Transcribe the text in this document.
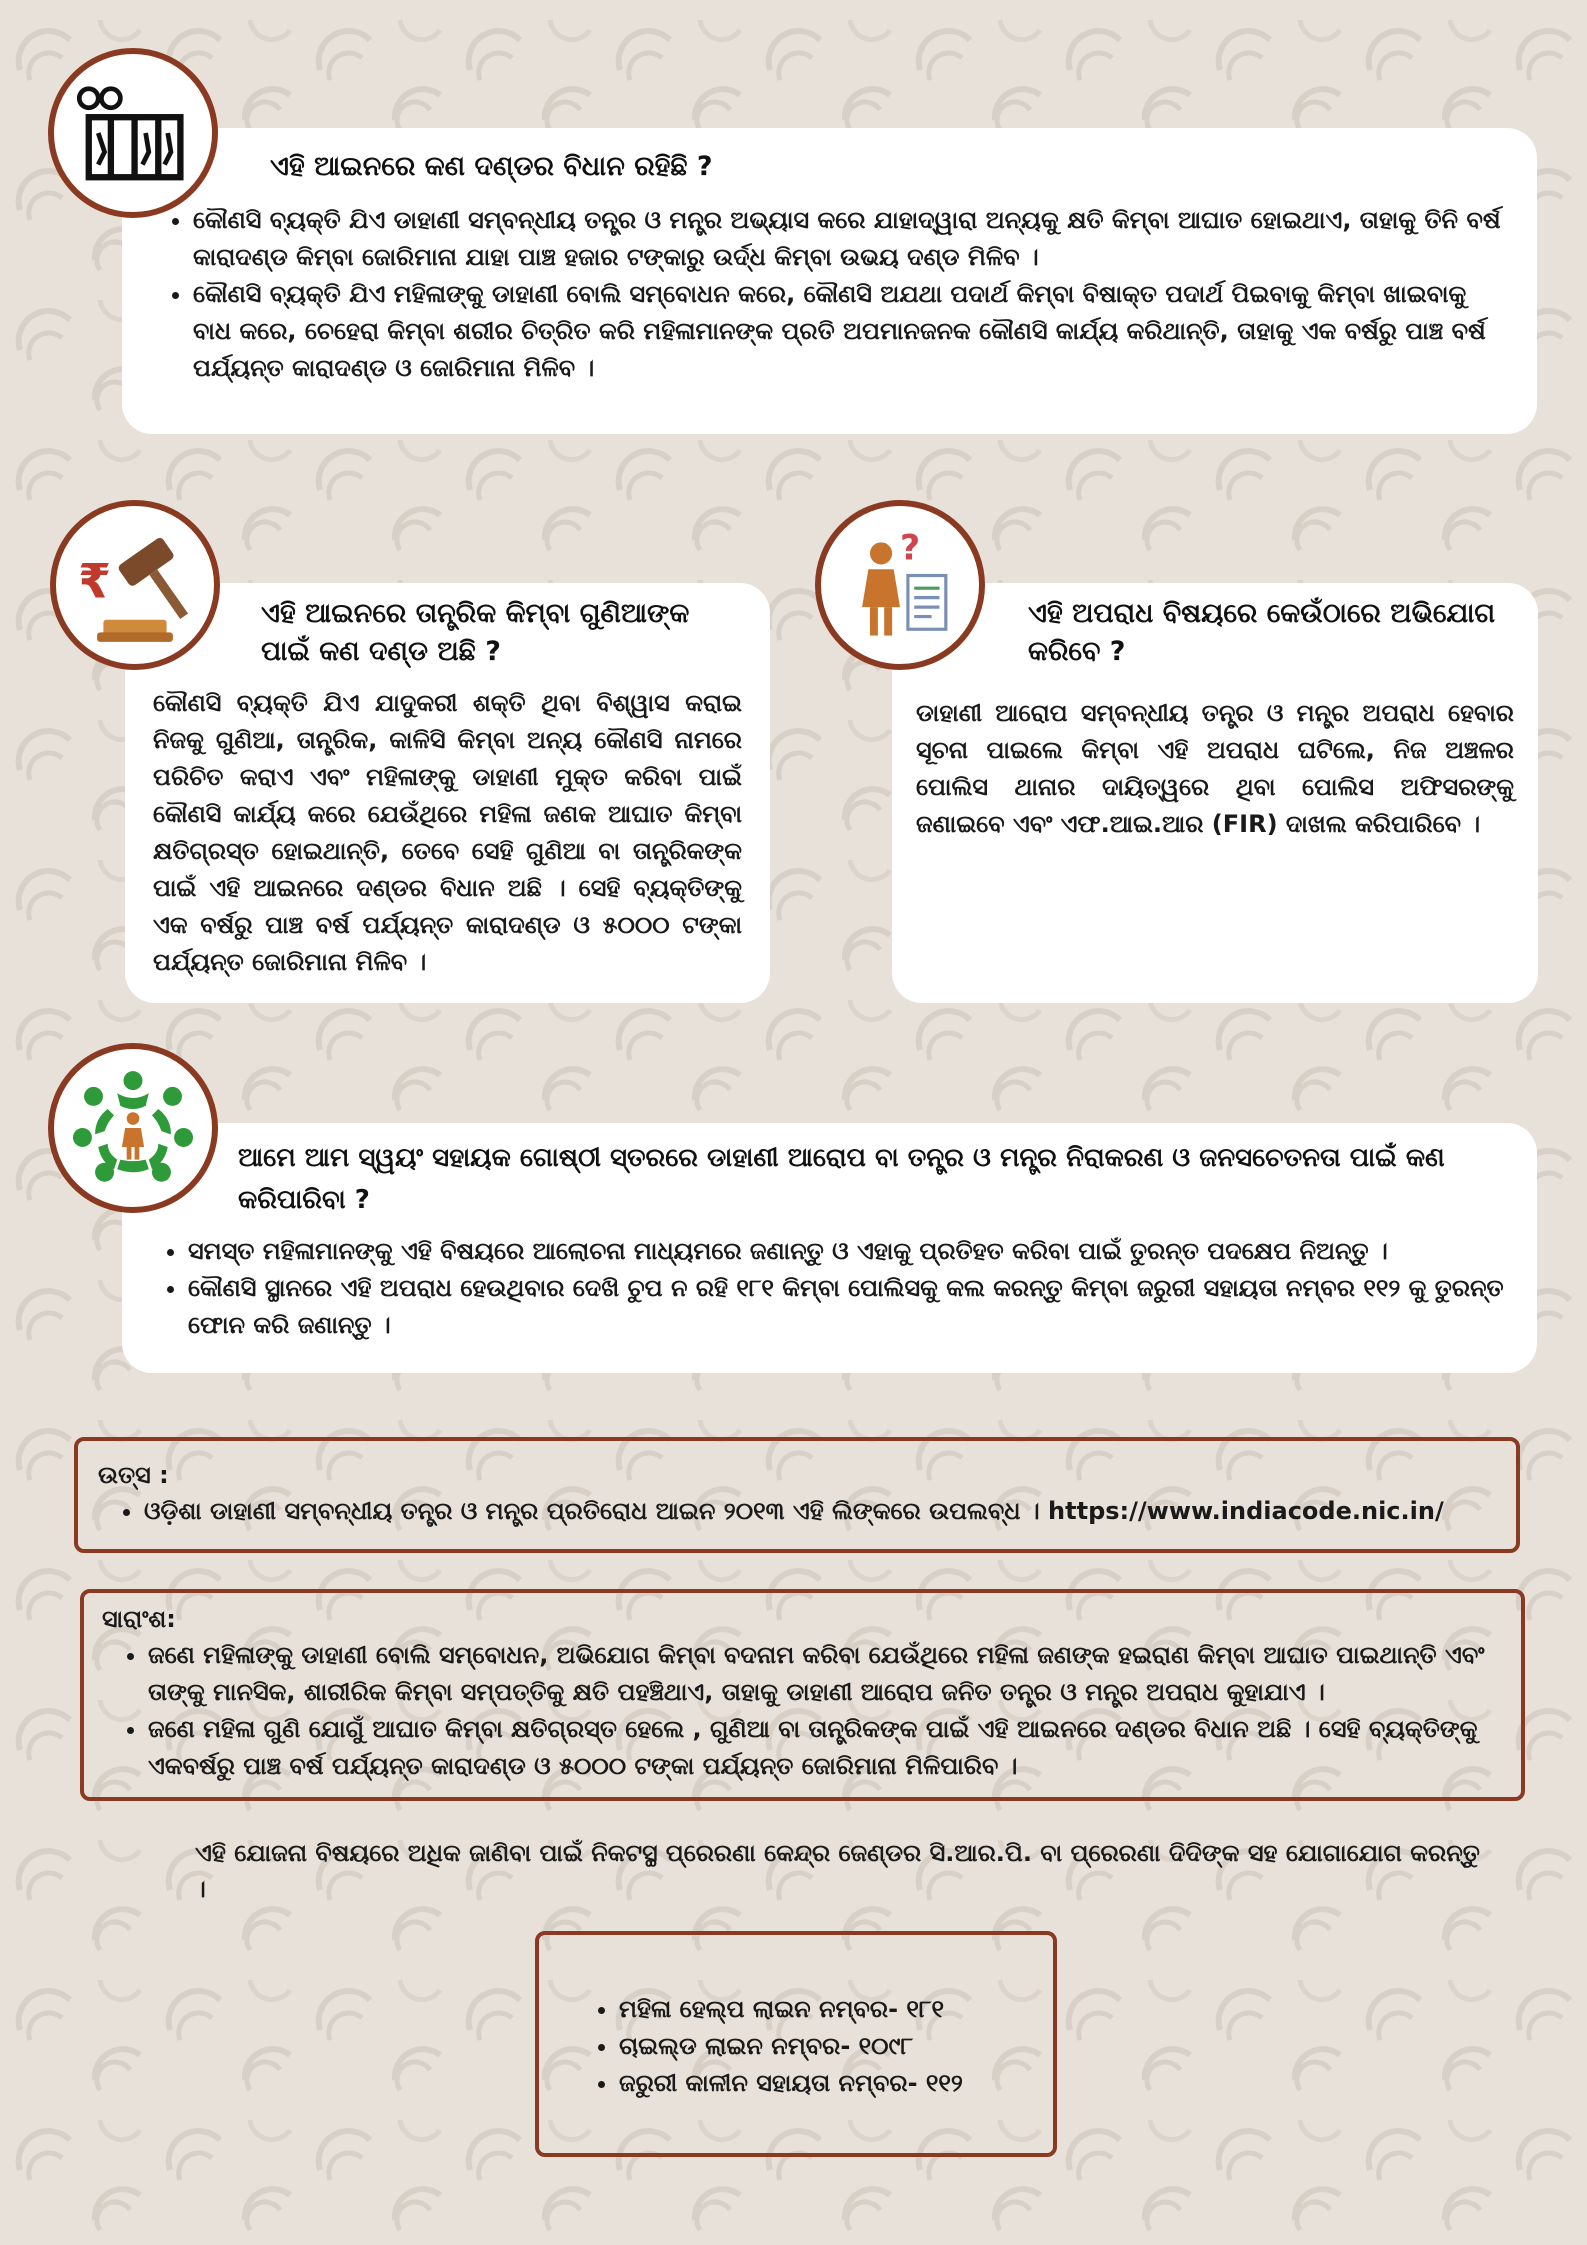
ଏହି ଆଇନରେ କଣ ଦଣ୍ଡର ବିଧାନ ରହିଛି ?
• କୌଣସି ବ୍ୟକ୍ତି ଯିଏ ଡାହାଣୀ ସମ୍ବନ୍ଧୀୟ ତନ୍ତ୍ର ଓ ମନ୍ତ୍ର ଅଭ୍ୟାସ କରେ ଯାହାଦ୍ୱାରା ଅନ୍ୟକୁ କ୍ଷତି କିମ୍ବା ଆଘାତ ହୋଇଥାଏ, ତାହାକୁ ତିନି ବର୍ଷ କାରାଦଣ୍ଡ କିମ୍ବା ଜୋରିମାନା ଯାହା ପାଞ୍ଚ ହଜାର ଟଙ୍କାରୁ ଉର୍ଦ୍ଧ କିମ୍ବା ଉଭୟ ଦଣ୍ଡ ମିଳିବ ।
• କୌଣସି ବ୍ୟକ୍ତି ଯିଏ ମହିଳାଙ୍କୁ ଡାହାଣୀ ବୋଲି ସମ୍ବୋଧନ କରେ, କୌଣସି ଅଯଥା ପଦାର୍ଥ କିମ୍ବା ବିଷାକ୍ତ ପଦାର୍ଥ ପିଇବାକୁ କିମ୍ବା ଖାଇବାକୁ ବାଧ କରେ, ଚେହେରା କିମ୍ବା ଶରୀର ଚିତ୍ରିତ କରି ମହିଳାମାନଙ୍କ ପ୍ରତି ଅପମାନଜନକ କୌଣସି କାର୍ଯ୍ୟ କରିଥାନ୍ତି, ତାହାକୁ ଏକ ବର୍ଷରୁ ପାଞ୍ଚ ବର୍ଷ ପର୍ଯ୍ୟନ୍ତ କାରାଦଣ୍ଡ ଓ ଜୋରିମାନା ମିଳିବ ।
ଏହି ଆଇନରେ ତାନ୍ତ୍ରିକ କିମ୍ବା ଗୁଣିଆଙ୍କ ପାଇଁ କଣ ଦଣ୍ଡ ଅଛି ?

କୌଣସି ବ୍ୟକ୍ତି ଯିଏ ଯାଦୁକରୀ ଶକ୍ତି ଥିବା ବିଶ୍ୱାସ କରାଇ ନିଜକୁ ଗୁଣିଆ, ତାନ୍ତ୍ରିକ, କାଳିସି କିମ୍ବା ଅନ୍ୟ କୌଣସି ନାମରେ ପରିଚିତ କରାଏ ଏବଂ ମହିଳାଙ୍କୁ ଡାହାଣୀ ମୁକ୍ତ କରିବା ପାଇଁ କୌଣସି କାର୍ଯ୍ୟ କରେ ଯେଉଁଥିରେ ମହିଳା ଜଣକ ଆଘାତ କିମ୍ବା କ୍ଷତିଗ୍ରସ୍ତ ହୋଇଥାନ୍ତି, ତେବେ ସେହି ଗୁଣିଆ ବା ତାନ୍ତ୍ରିକଙ୍କ ପାଇଁ ଏହି ଆଇନରେ ଦଣ୍ଡର ବିଧାନ ଅଛି । ସେହି ବ୍ୟକ୍ତିଙ୍କୁ ଏକ ବର୍ଷରୁ ପାଞ୍ଚ ବର୍ଷ ପର୍ଯ୍ୟନ୍ତ କାରାଦଣ୍ଡ ଓ ୫୦୦୦ ଟଙ୍କା ପର୍ଯ୍ୟନ୍ତ ଜୋରିମାନା ମିଳିବ ।

₹
ଏହି ଅପରାଧ ବିଷୟରେ କେଉଁଠାରେ ଅଭିଯୋଗ କରିବେ ?

ଡାହାଣୀ ଆରୋପ ସମ୍ବନ୍ଧୀୟ ତନ୍ତ୍ର ଓ ମନ୍ତ୍ର ଅପରାଧ ହେବାର ସୂଚନା ପାଇଲେ କିମ୍ବା ଏହି ଅପରାଧ ଘଟିଲେ, ନିଜ ଅଞ୍ଚଳର ପୋଲିସ ଥାନାର ଦାୟିତ୍ୱରେ ଥିବା ପୋଲିସ ଅଫିସରଙ୍କୁ ଜଣାଇବେ ଏବଂ ଏଫ.ଆଇ.ଆର (FIR) ଦାଖଲ କରିପାରିବେ ।

?
ଆମେ ଆମ ସ୍ୱୟଂ ସହାୟକ ଗୋଷ୍ଠୀ ସ୍ତରରେ ଡାହାଣୀ ଆରୋପ ବା ତନ୍ତ୍ର ଓ ମନ୍ତ୍ର ନିରାକରଣ ଓ ଜନସଚେତନତା ପାଇଁ କଣ କରିପାରିବା ?
• ସମସ୍ତ ମହିଳାମାନଙ୍କୁ ଏହି ବିଷୟରେ ଆଲୋଚନା ମାଧ୍ୟମରେ ଜଣାନ୍ତୁ ଓ ଏହାକୁ ପ୍ରତିହତ କରିବା ପାଇଁ ତୁରନ୍ତ ପଦକ୍ଷେପ ନିଅନ୍ତୁ ।
• କୌଣସି ସ୍ଥାନରେ ଏହି ଅପରାଧ ହେଉଥିବାର ଦେଖି ଚୁପ ନ ରହି ୧୮୧ କିମ୍ବା ପୋଲିସକୁ କଲ କରନ୍ତୁ କିମ୍ବା ଜରୁରୀ ସହାୟତା ନମ୍ବର ୧୧୨ କୁ ତୁରନ୍ତ ଫୋନ କରି ଜଣାନ୍ତୁ ।

ଉତ୍ସ :

• ଓଡ଼ିଶା ଡାହାଣୀ ସମ୍ବନ୍ଧୀୟ ତନ୍ତ୍ର ଓ ମନ୍ତ୍ର ପ୍ରତିରୋଧ ଆଇନ ୨୦୧୩ ଏହି ଲିଙ୍କରେ ଉପଲବ୍ଧ । https://www.indiacode.nic.in/

ସାରାଂଶ:

• ଜଣେ ମହିଳାଙ୍କୁ ଡାହାଣୀ ବୋଲି ସମ୍ବୋଧନ, ଅଭିଯୋଗ କିମ୍ବା ବଦନାମ କରିବା ଯେଉଁଥିରେ ମହିଳା ଜଣଙ୍କ ହଇରାଣ କିମ୍ବା ଆଘାତ ପାଇଥାନ୍ତି ଏବଂ ତାଙ୍କୁ ମାନସିକ, ଶାରୀରିକ କିମ୍ବା ସମ୍ପତ୍ତିକୁ କ୍ଷତି ପହଞ୍ଚିଥାଏ, ତାହାକୁ ଡାହାଣୀ ଆରୋପ ଜନିତ ତନ୍ତ୍ର ଓ ମନ୍ତ୍ର ଅପରାଧ କୁହାଯାଏ ।
• ଜଣେ ମହିଳା ଗୁଣି ଯୋଗୁଁ ଆଘାତ କିମ୍ବା କ୍ଷତିଗ୍ରସ୍ତ ହେଲେ , ଗୁଣିଆ ବା ତାନ୍ତ୍ରିକଙ୍କ ପାଇଁ ଏହି ଆଇନରେ ଦଣ୍ଡର ବିଧାନ ଅଛି । ସେହି ବ୍ୟକ୍ତିଙ୍କୁ ଏକବର୍ଷରୁ ପାଞ୍ଚ ବର୍ଷ ପର୍ଯ୍ୟନ୍ତ କାରାଦଣ୍ଡ ଓ ୫୦୦୦ ଟଙ୍କା ପର୍ଯ୍ୟନ୍ତ ଜୋରିମାନା ମିଳିପାରିବ ।
ଏହି ଯୋଜନା ବିଷୟରେ ଅଧିକ ଜାଣିବା ପାଇଁ ନିକଟସ୍ଥ ପ୍ରେରଣା କେନ୍ଦ୍ର ଜେଣ୍ଡର ସି.ଆର.ପି. ବା ପ୍ରେରଣା ଦିଦିଙ୍କ ସହ ଯୋଗାଯୋଗ କରନ୍ତୁ ।
• ମହିଳା ହେଲ୍ପ ଲାଇନ ନମ୍ବର- ୧୮୧
• ଚାଇଲ୍ଡ ଲାଇନ ନମ୍ବର- ୧୦୯୮
• ଜରୁରୀ କାଳୀନ ସହାୟତା ନମ୍ବର- ୧୧୨
